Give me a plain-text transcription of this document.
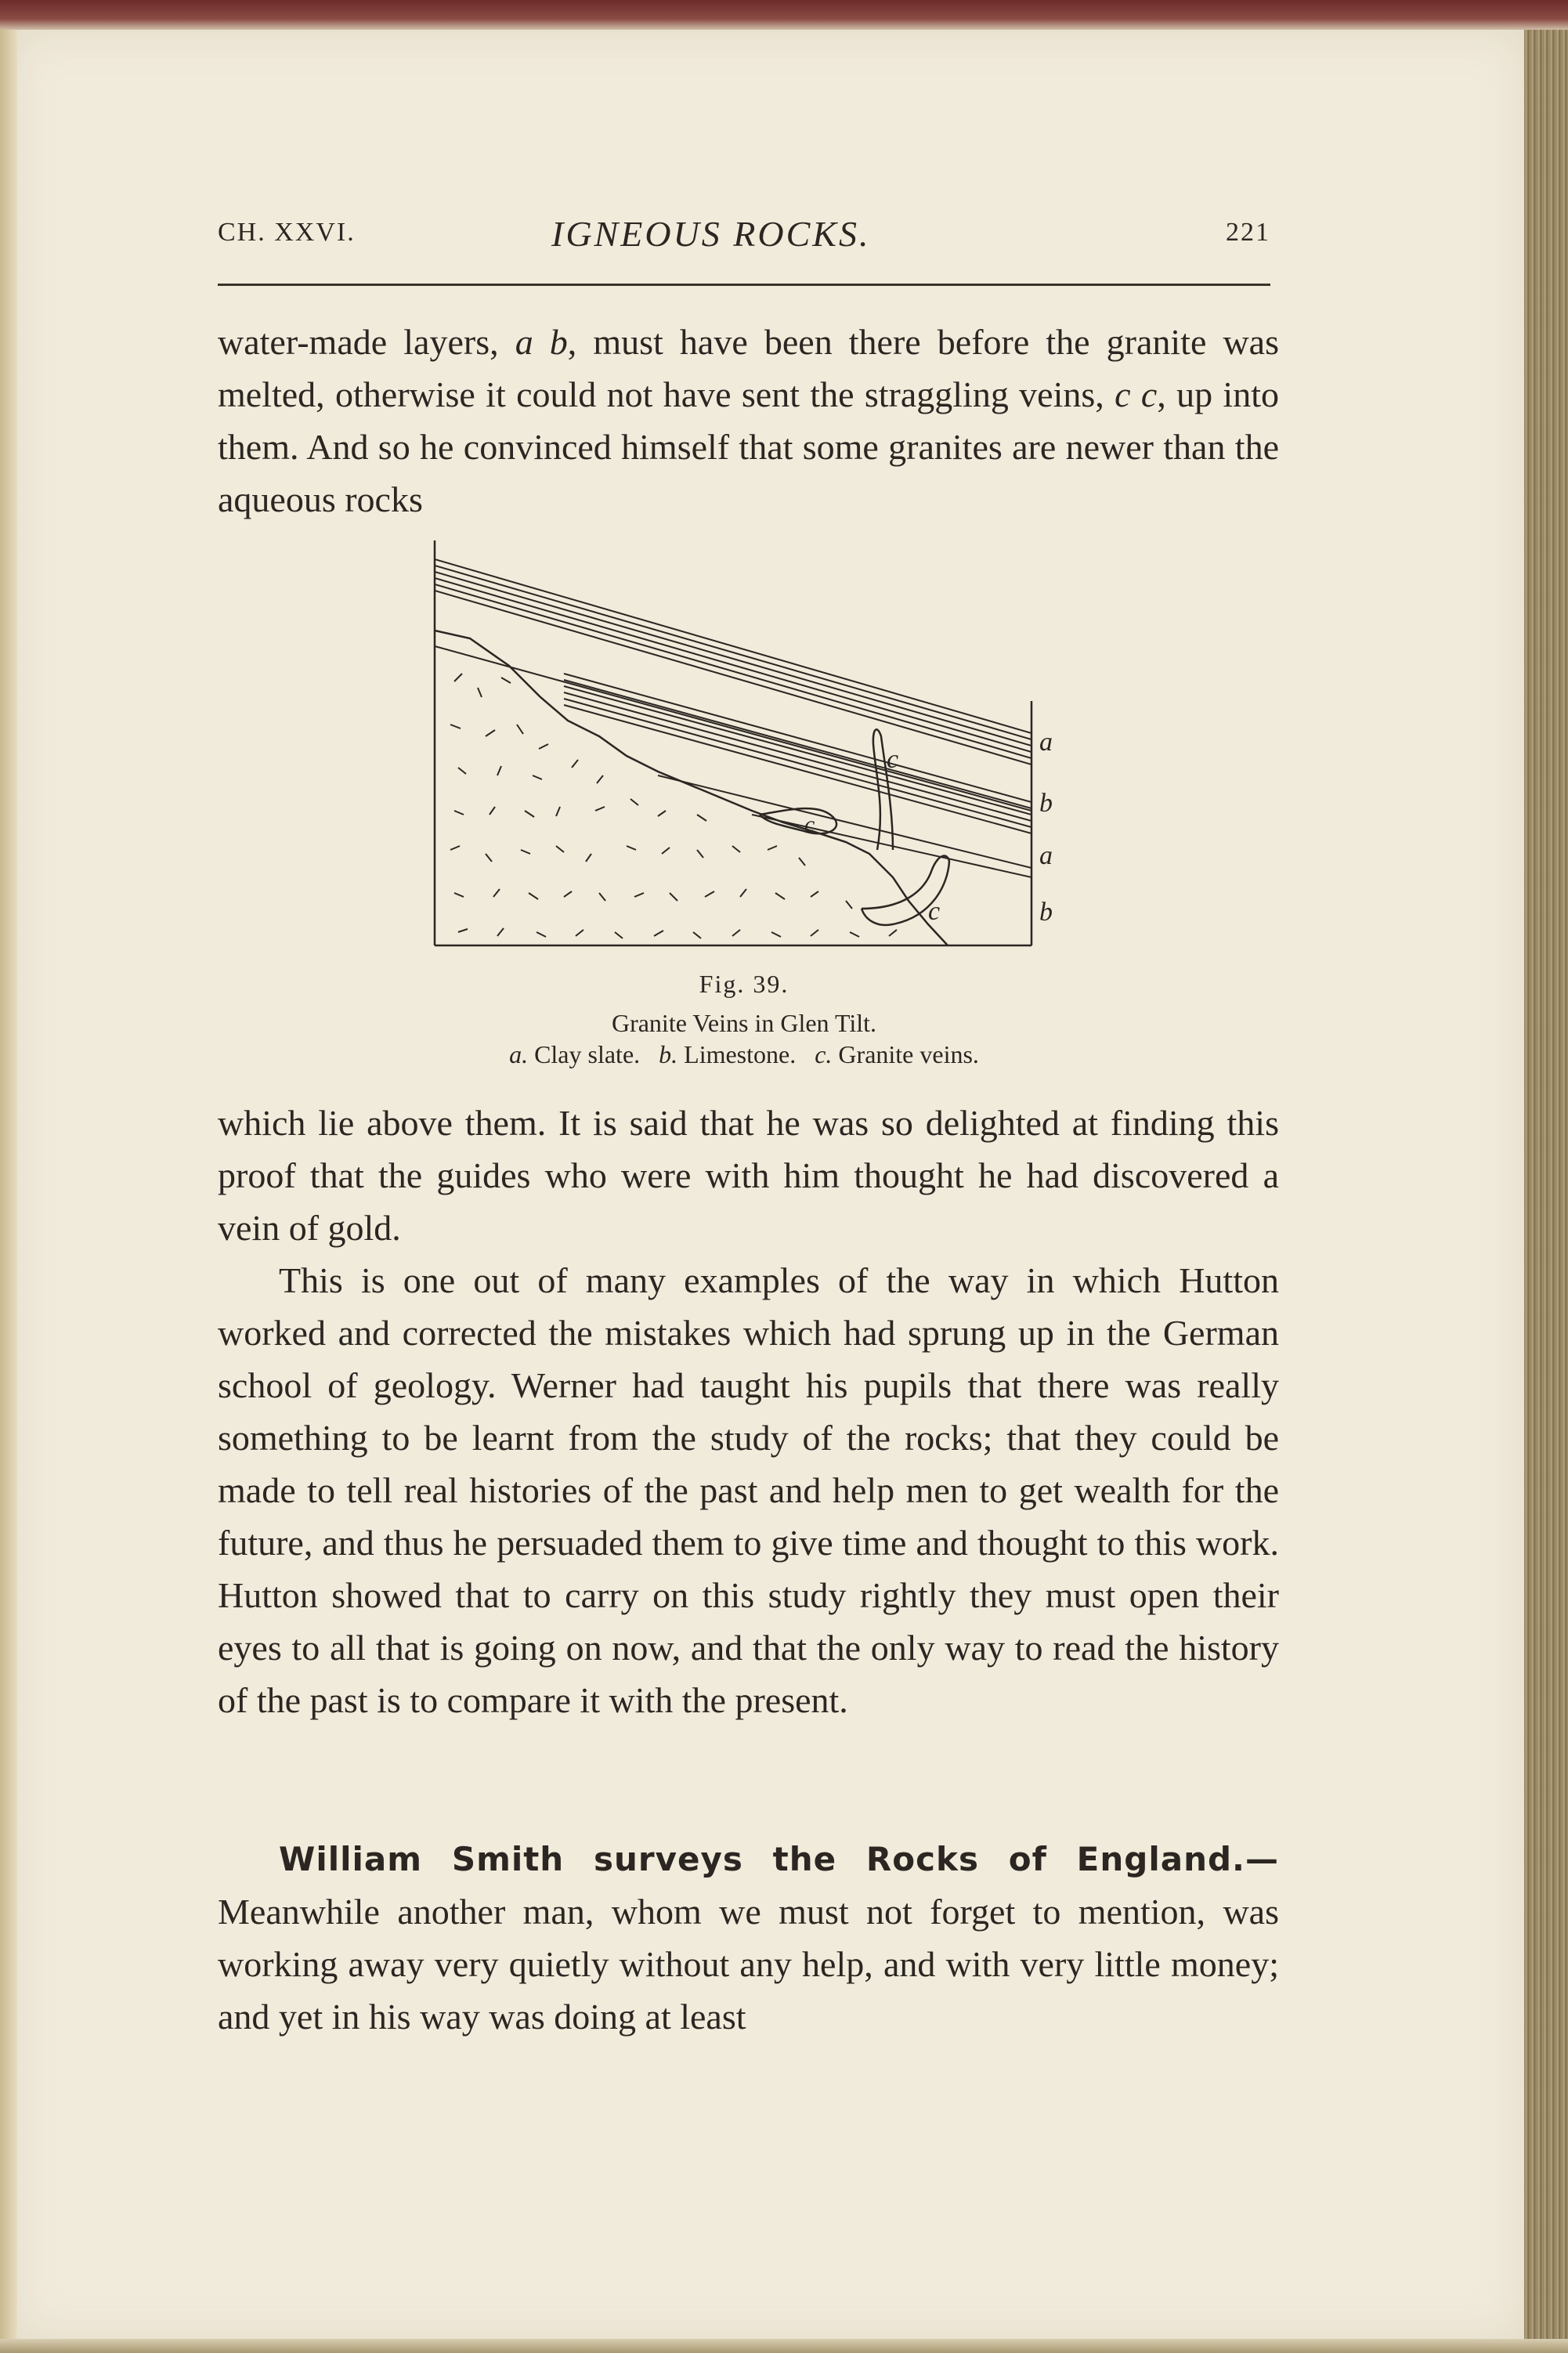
CH. XXVI.	IGNEOUS ROCKS.	221

water-made layers, a b, must have been there before the granite was melted, otherwise it could not have sent the straggling veins, c c, up into them. And so he convinced himself that some granites are newer than the aqueous rocks

c
c
c
a
b
a
b

Fig. 39.

Granite Veins in Glen Tilt.

a. Clay slate. b. Limestone. c. Granite veins.

which lie above them. It is said that he was so delighted at finding this proof that the guides who were with him thought he had discovered a vein of gold.

This is one out of many examples of the way in which Hutton worked and corrected the mistakes which had sprung up in the German school of geology. Werner had taught his pupils that there was really something to be learnt from the study of the rocks; that they could be made to tell real histories of the past and help men to get wealth for the future, and thus he persuaded them to give time and thought to this work. Hutton showed that to carry on this study rightly they must open their eyes to all that is going on now, and that the only way to read the history of the past is to compare it with the present.

William Smith surveys the Rocks of England.—Meanwhile another man, whom we must not forget to mention, was working away very quietly without any help, and with very little money; and yet in his way was doing at least
